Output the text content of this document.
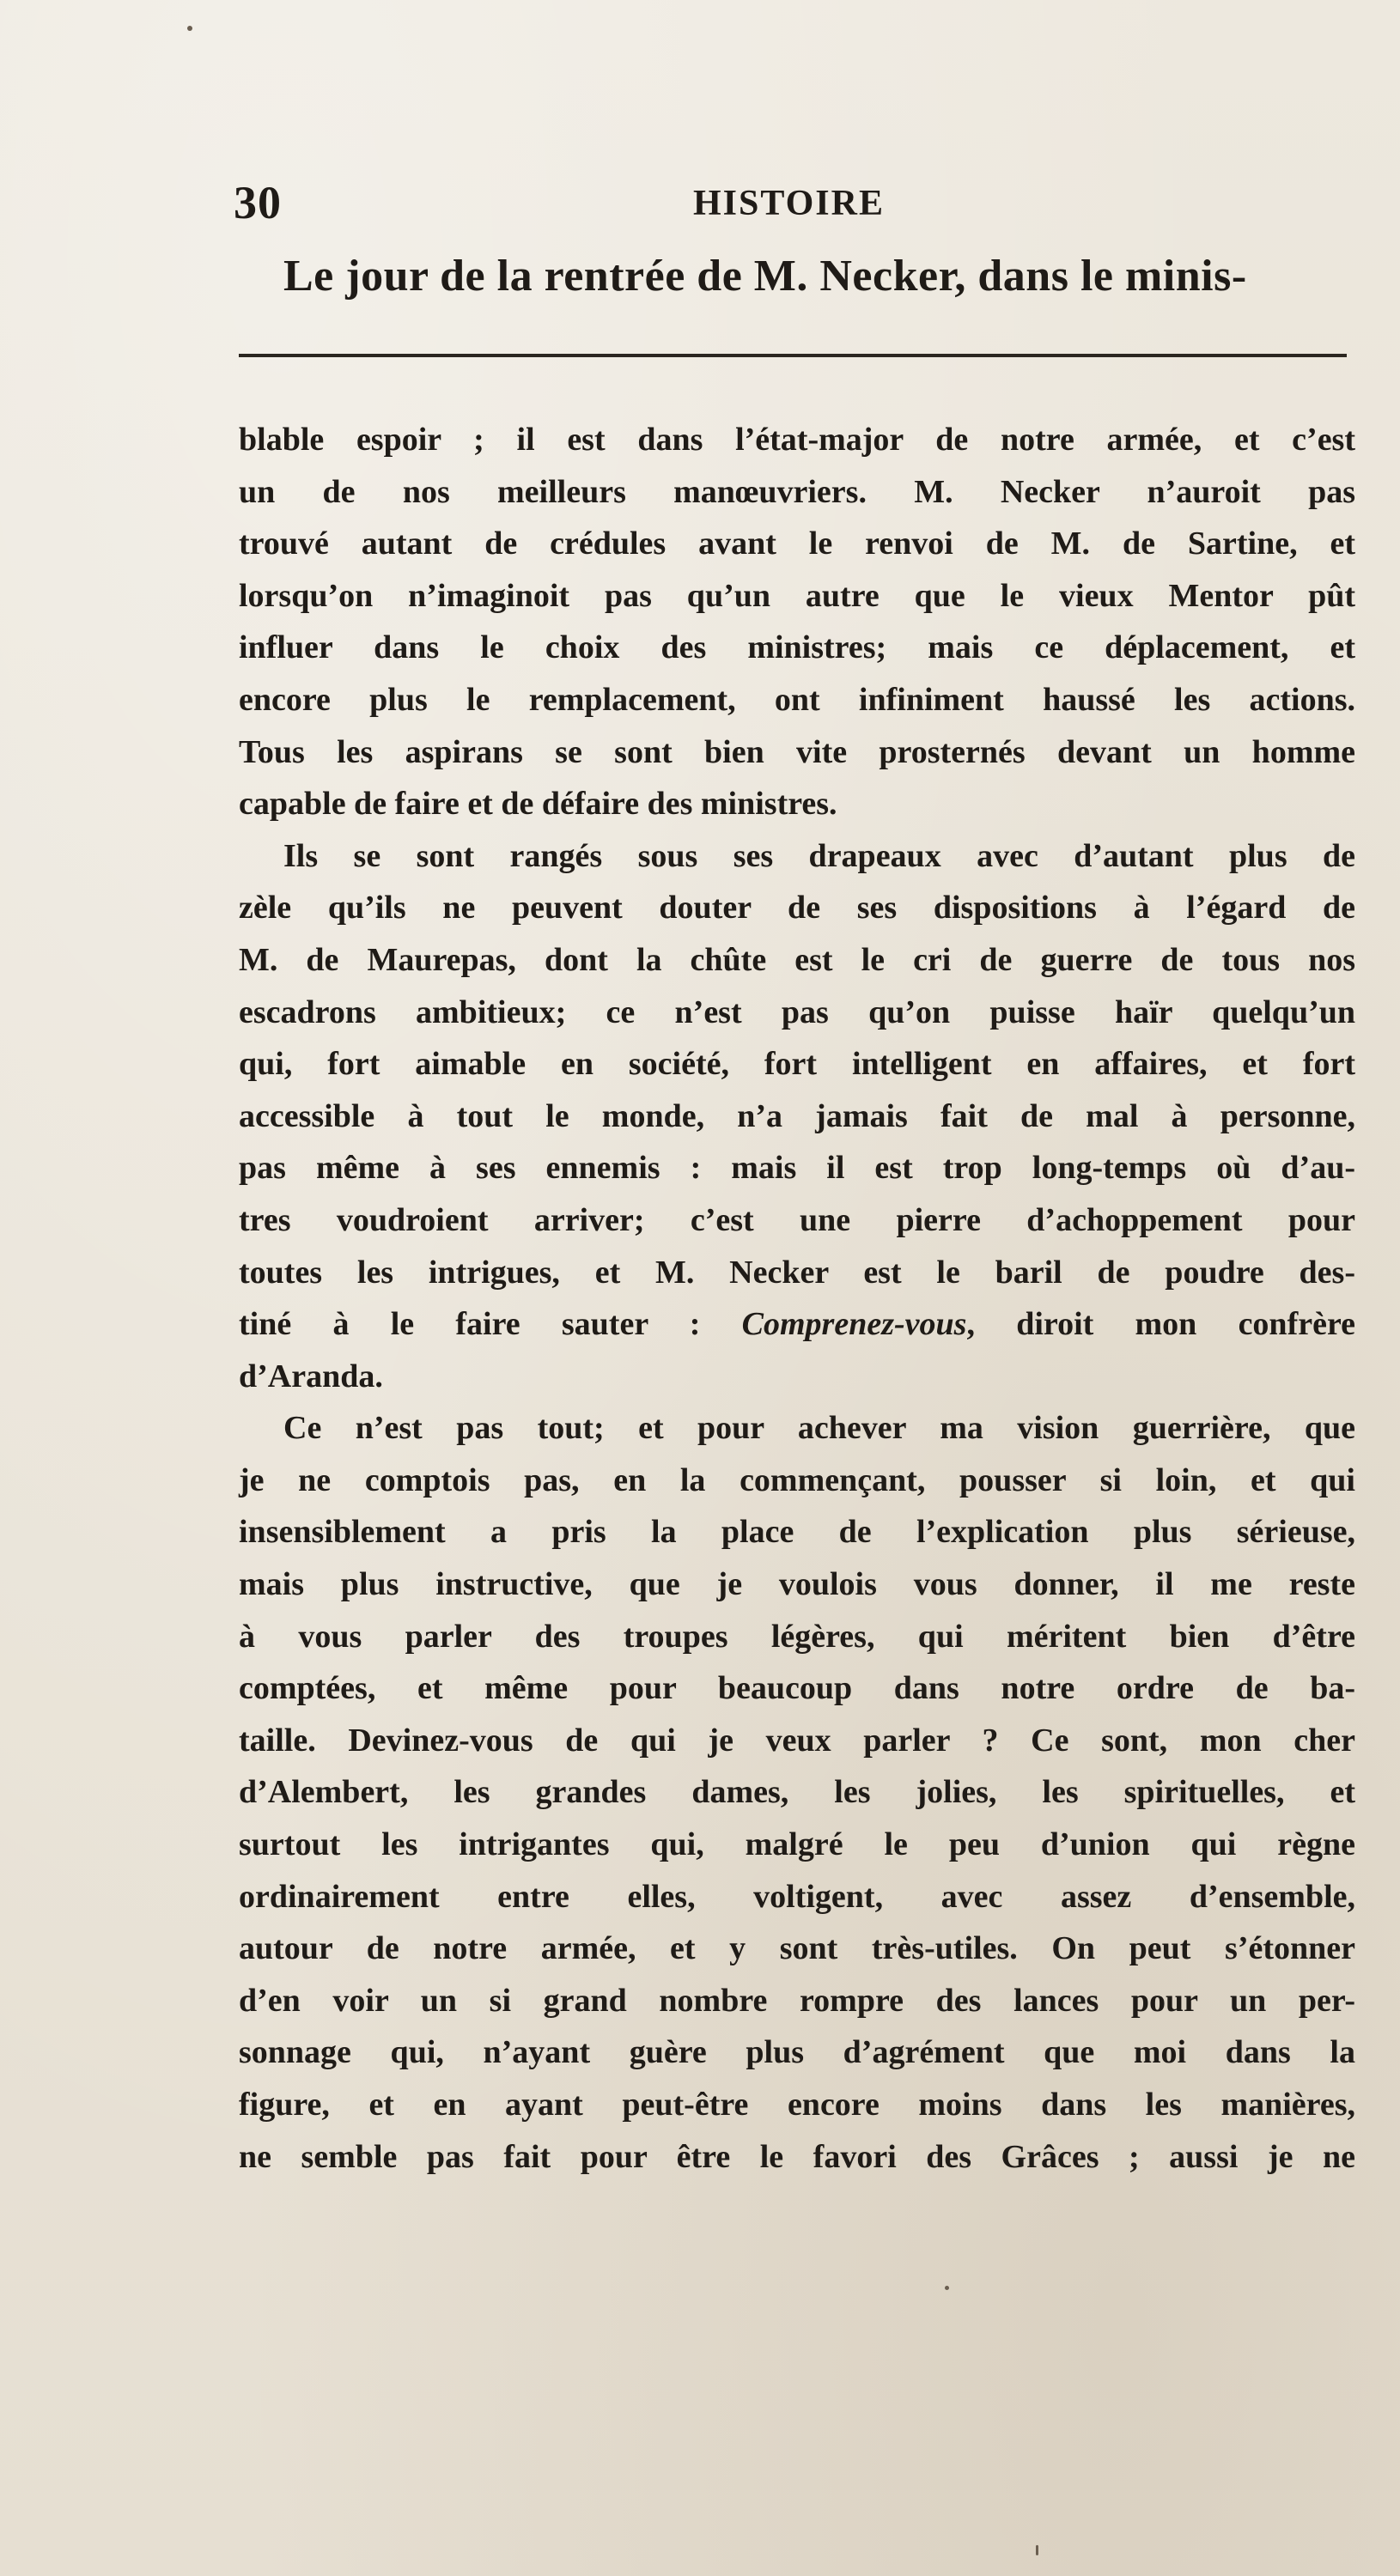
30	HISTOIRE
Le jour de la rentrée de M. Necker, dans le minis-
blable espoir ; il est dans l’état-major de notre armée, et c’est
un de nos meilleurs manœuvriers. M. Necker n’auroit pas
trouvé autant de crédules avant le renvoi de M. de Sartine, et
lorsqu’on n’imaginoit pas qu’un autre que le vieux Mentor pût
influer dans le choix des ministres; mais ce déplacement, et
encore plus le remplacement, ont infiniment haussé les actions.
Tous les aspirans se sont bien vite prosternés devant un homme
capable de faire et de défaire des ministres.
Ils se sont rangés sous ses drapeaux avec d’autant plus de
zèle qu’ils ne peuvent douter de ses dispositions à l’égard de
M. de Maurepas, dont la chûte est le cri de guerre de tous nos
escadrons ambitieux; ce n’est pas qu’on puisse haïr quelqu’un
qui, fort aimable en société, fort intelligent en affaires, et fort
accessible à tout le monde, n’a jamais fait de mal à personne,
pas même à ses ennemis : mais il est trop long-temps où d’au-
tres voudroient arriver; c’est une pierre d’achoppement pour
toutes les intrigues, et M. Necker est le baril de poudre des-
tiné à le faire sauter : Comprenez-vous, diroit mon confrère
d’Aranda.
Ce n’est pas tout; et pour achever ma vision guerrière, que
je ne comptois pas, en la commençant, pousser si loin, et qui
insensiblement a pris la place de l’explication plus sérieuse,
mais plus instructive, que je voulois vous donner, il me reste
à vous parler des troupes légères, qui méritent bien d’être
comptées, et même pour beaucoup dans notre ordre de ba-
taille. Devinez-vous de qui je veux parler ? Ce sont, mon cher
d’Alembert, les grandes dames, les jolies, les spirituelles, et
surtout les intrigantes qui, malgré le peu d’union qui règne
ordinairement entre elles, voltigent, avec assez d’ensemble,
autour de notre armée, et y sont très-utiles. On peut s’étonner
d’en voir un si grand nombre rompre des lances pour un per-
sonnage qui, n’ayant guère plus d’agrément que moi dans la
figure, et en ayant peut-être encore moins dans les manières,
ne semble pas fait pour être le favori des Grâces ; aussi je ne
